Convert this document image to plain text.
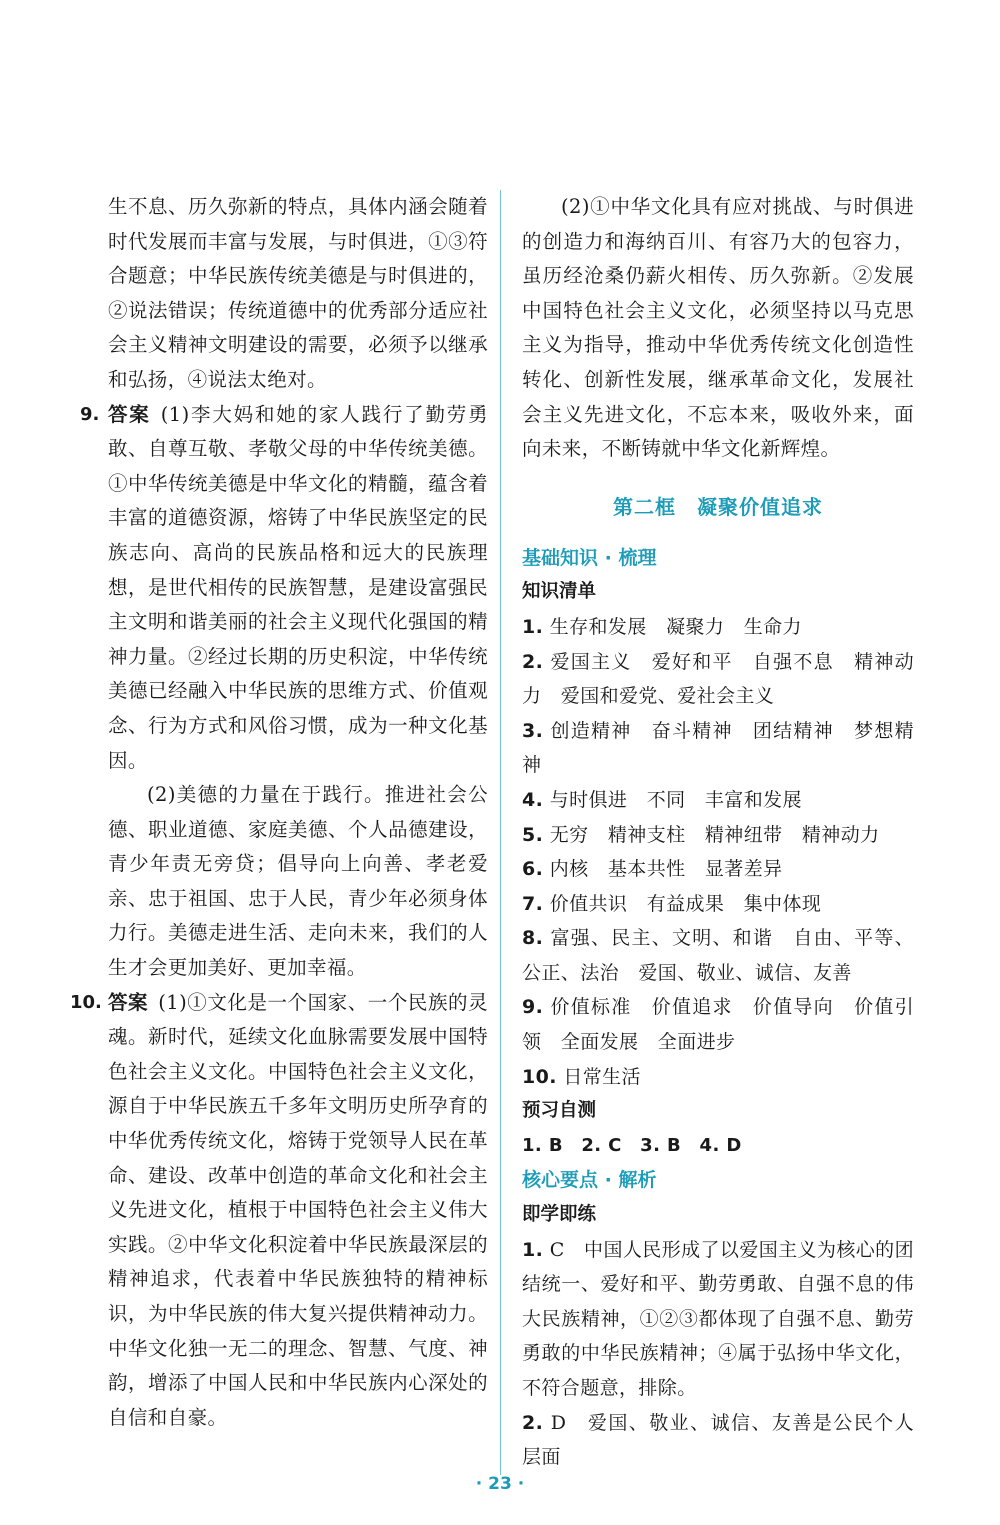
生不息、历久弥新的特点，具体内涵会随着时代发展而丰富与发展，与时俱进，①③符合题意；中华民族传统美德是与时俱进的，②说法错误；传统道德中的优秀部分适应社会主义精神文明建设的需要，必须予以继承和弘扬，④说法太绝对。

9. 答案  (1)李大妈和她的家人践行了勤劳勇敢、自尊互敬、孝敬父母的中华传统美德。①中华传统美德是中华文化的精髓，蕴含着丰富的道德资源，熔铸了中华民族坚定的民族志向、高尚的民族品格和远大的民族理想，是世代相传的民族智慧，是建设富强民主文明和谐美丽的社会主义现代化强国的精神力量。②经过长期的历史积淀，中华传统美德已经融入中华民族的思维方式、价值观念、行为方式和风俗习惯，成为一种文化基因。

(2)美德的力量在于践行。推进社会公德、职业道德、家庭美德、个人品德建设，青少年责无旁贷；倡导向上向善、孝老爱亲、忠于祖国、忠于人民，青少年必须身体力行。美德走进生活、走向未来，我们的人生才会更加美好、更加幸福。

10. 答案  (1)①文化是一个国家、一个民族的灵魂。新时代，延续文化血脉需要发展中国特色社会主义文化。中国特色社会主义文化，源自于中华民族五千多年文明历史所孕育的中华优秀传统文化，熔铸于党领导人民在革命、建设、改革中创造的革命文化和社会主义先进文化，植根于中国特色社会主义伟大实践。②中华文化积淀着中华民族最深层的精神追求，代表着中华民族独特的精神标识，为中华民族的伟大复兴提供精神动力。中华文化独一无二的理念、智慧、气度、神韵，增添了中国人民和中华民族内心深处的自信和自豪。

(2)①中华文化具有应对挑战、与时俱进的创造力和海纳百川、有容乃大的包容力，虽历经沧桑仍薪火相传、历久弥新。②发展中国特色社会主义文化，必须坚持以马克思主义为指导，推动中华优秀传统文化创造性转化、创新性发展，继承革命文化，发展社会主义先进文化，不忘本来，吸收外来，面向未来，不断铸就中华文化新辉煌。

第二框　凝聚价值追求
基础知识 · 梳理
知识清单

1. 生存和发展　凝聚力　生命力

2. 爱国主义　爱好和平　自强不息　精神动力　爱国和爱党、爱社会主义

3. 创造精神　奋斗精神　团结精神　梦想精神

4. 与时俱进　不同　丰富和发展

5. 无穷　精神支柱　精神纽带　精神动力

6. 内核　基本共性　显著差异

7. 价值共识　有益成果　集中体现

8. 富强、民主、文明、和谐　自由、平等、公正、法治　爱国、敬业、诚信、友善

9. 价值标准　价值追求　价值导向　价值引领　全面发展　全面进步

10. 日常生活

预习自测

1. B　2. C　3. B　4. D

核心要点 · 解析
即学即练

1. C　中国人民形成了以爱国主义为核心的团结统一、爱好和平、勤劳勇敢、自强不息的伟大民族精神，①②③都体现了自强不息、勤劳勇敢的中华民族精神；④属于弘扬中华文化，不符合题意，排除。

2. D　爱国、敬业、诚信、友善是公民个人层面

· 23 ·
